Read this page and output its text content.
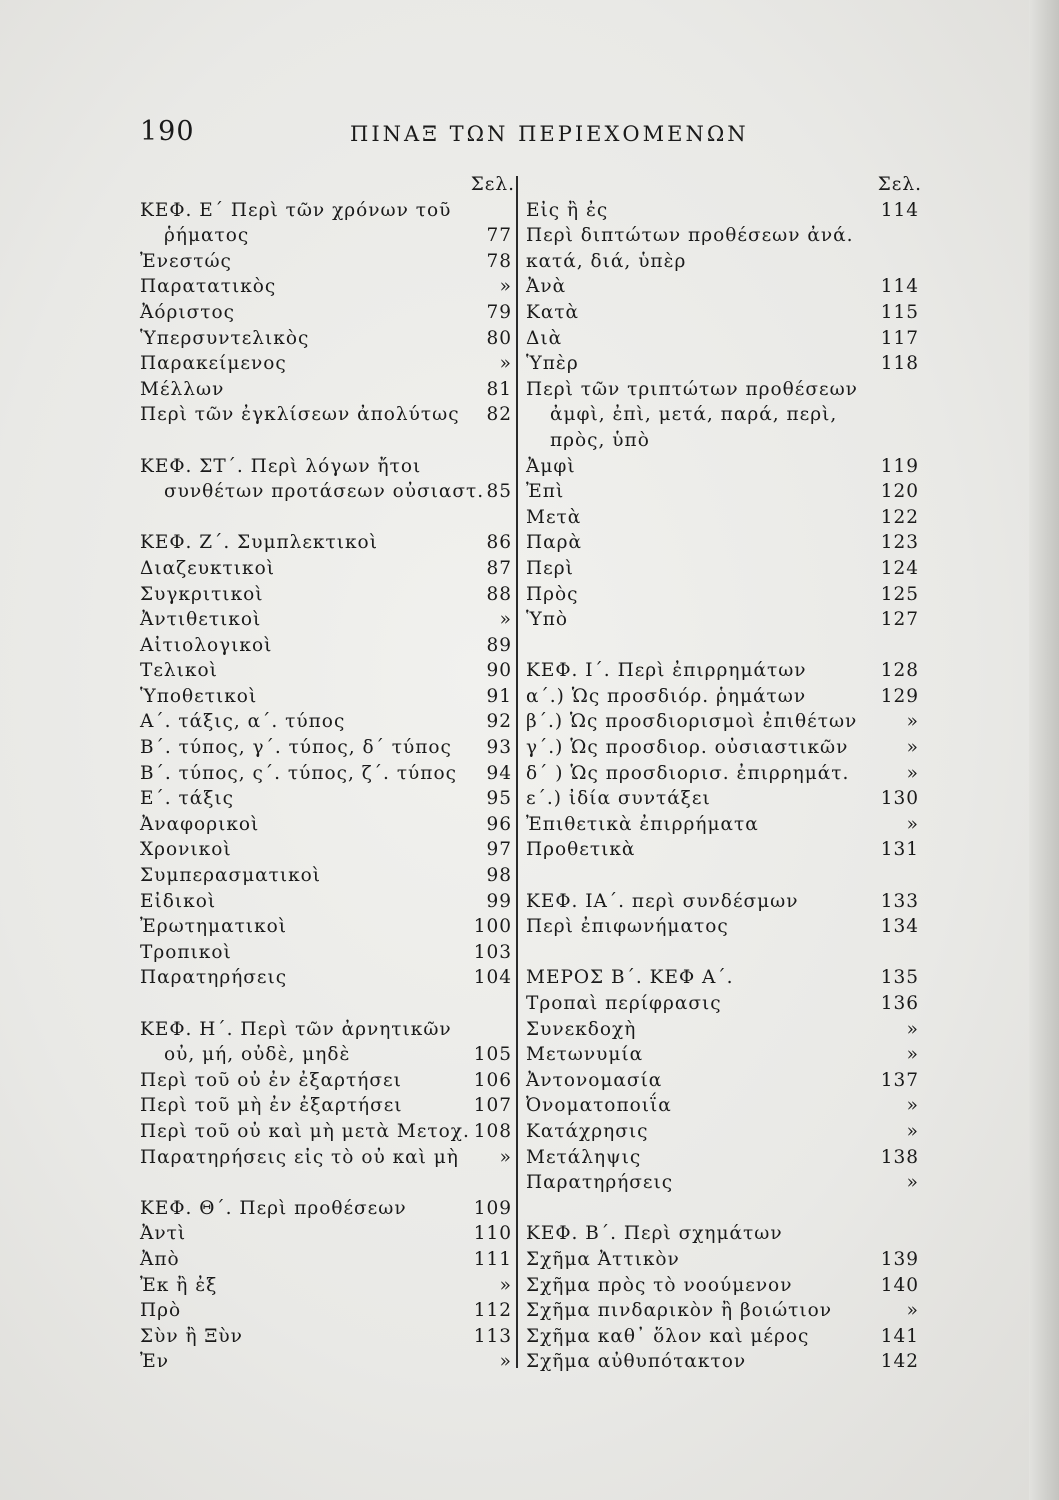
190	ΠΙΝΑΞ ΤΩΝ ΠΕΡΙΕΧΟΜΕΝΩΝ
Σελ.
ΚΕΦ. Ε΄ Περὶ τῶν χρόνων τοῦ
ῥήματος	77
Ἐνεστώς	78
Παρατατικὸς	»
Ἀόριστος	79
Ὑπερσυντελικὸς	80
Παρακείμενος	»
Μέλλων	81
Περὶ τῶν ἐγκλίσεων ἀπολύτως 82
ΚΕΦ. ΣΤ΄. Περὶ λόγων ἤτοι
συνθέτων προτάσεων οὐσιαστ. 85
ΚΕΦ. Ζ΄. Συμπλεκτικοὶ	86
Διαζευκτικοὶ	87
Συγκριτικοὶ	88
Ἀντιθετικοὶ	»
Αἰτιολογικοὶ	89
Τελικοὶ	90
Ὑποθετικοὶ	91
Α΄. τάξις, α΄. τύπος	92
Β΄. τύπος, γ΄. τύπος, δ΄ τύπος 93
Β΄. τύπος, ς΄. τύπος, ζ΄. τύπος 94
Ε΄. τάξις	95
Ἀναφορικοὶ	96
Χρονικοὶ	97
Συμπερασματικοὶ	98
Εἰδικοὶ	99
Ἐρωτηματικοὶ	100
Τροπικοὶ	103
Παρατηρήσεις	104
ΚΕΦ. Η΄. Περὶ τῶν ἀρνητικῶν
οὐ, μή, οὐδὲ, μηδὲ	105
Περὶ τοῦ οὐ ἐν ἐξαρτήσει	106
Περὶ τοῦ μὴ ἐν ἐξαρτήσει	107
Περὶ τοῦ οὐ καὶ μὴ μετὰ Μετοχ. 108
Παρατηρήσεις εἰς τὸ οὐ καὶ μὴ »
ΚΕΦ. Θ΄. Περὶ προθέσεων	109
Ἀντὶ	110
Ἀπὸ	111
Ἐκ ἢ ἐξ	»
Πρὸ	112
Σὺν ἢ Ξὺν	113
Ἐν	»
Σελ.
Εἰς ἢ ἐς	114
Περὶ διπτώτων προθέσεων ἀνά.
κατά, διά, ὑπὲρ
Ἀνὰ	114
Κατὰ	115
Διὰ	117
Ὑπὲρ	118
Περὶ τῶν τριπτώτων προθέσεων
ἀμφὶ, ἐπὶ, μετά, παρά, περὶ,
πρὸς, ὑπὸ
Ἀμφὶ	119
Ἐπὶ	120
Μετὰ	122
Παρὰ	123
Περὶ	124
Πρὸς	125
Ὑπὸ	127
ΚΕΦ. Ι΄. Περὶ ἐπιρρημάτων	128
α΄.) Ὡς προσδιόρ. ῥημάτων	129
β΄.) Ὡς προσδιορισμοὶ ἐπιθέτων	»
γ΄.) Ὡς προσδιορ. οὐσιαστικῶν	»
δ΄ ) Ὡς προσδιορισ. ἐπιρρημάτ.	»
ε΄.) ἰδία συντάξει	130
Ἐπιθετικὰ ἐπιρρήματα	»
Προθετικὰ	131
ΚΕΦ. ΙΑ΄. περὶ συνδέσμων	133
Περὶ ἐπιφωνήματος	134
ΜΕΡΟΣ Β΄. ΚΕΦ Α΄.	135
Τροπαὶ περίφρασις	136
Συνεκδοχὴ	»
Μετωνυμία	»
Ἀντονομασία	137
Ὀνοματοποιΐα	»
Κατάχρησις	»
Μετάληψις	138
Παρατηρήσεις	»
ΚΕΦ. Β΄. Περὶ σχημάτων
Σχῆμα Ἀττικὸν	139
Σχῆμα πρὸς τὸ νοούμενον	140
Σχῆμα πινδαρικὸν ἢ βοιώτιον	»
Σχῆμα καθ᾽ ὅλον καὶ μέρος	141
Σχῆμα αὐθυπότακτον	142
